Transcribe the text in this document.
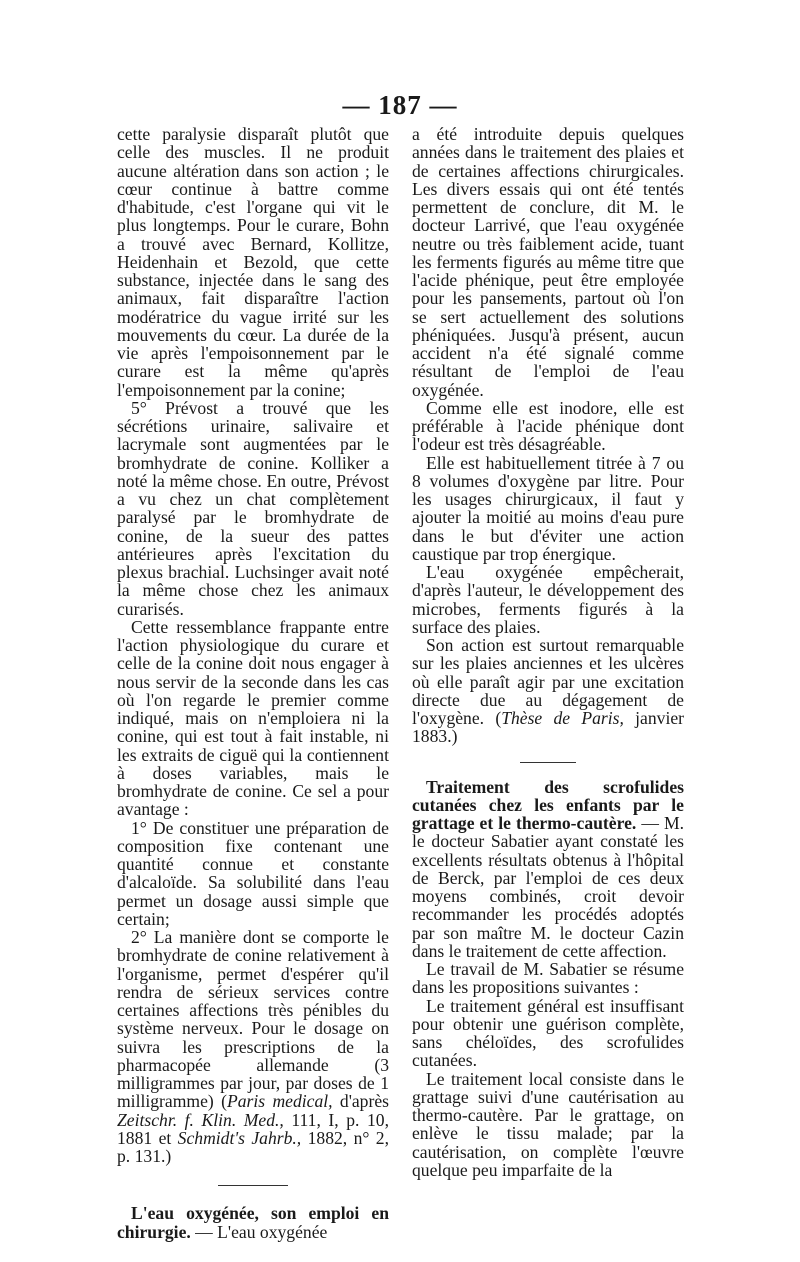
— 187 —

cette paralysie disparaît plutôt que celle des muscles. Il ne produit aucune altération dans son action ; le cœur continue à battre comme d'habitude, c'est l'organe qui vit le plus longtemps. Pour le curare, Bohn a trouvé avec Bernard, Kollitze, Heidenhain et Bezold, que cette substance, injectée dans le sang des animaux, fait disparaître l'action modératrice du vague irrité sur les mouvements du cœur. La durée de la vie après l'empoisonnement par le curare est la même qu'après l'empoisonnement par la conine;

5° Prévost a trouvé que les sécrétions urinaire, salivaire et lacrymale sont augmentées par le bromhydrate de conine. Kolliker a noté la même chose. En outre, Prévost a vu chez un chat complètement paralysé par le bromhydrate de conine, de la sueur des pattes antérieures après l'excitation du plexus brachial. Luchsinger avait noté la même chose chez les animaux curarisés.

Cette ressemblance frappante entre l'action physiologique du curare et celle de la conine doit nous engager à nous servir de la seconde dans les cas où l'on regarde le premier comme indiqué, mais on n'emploiera ni la conine, qui est tout à fait instable, ni les extraits de ciguë qui la contiennent à doses variables, mais le bromhydrate de conine. Ce sel a pour avantage :

1° De constituer une préparation de composition fixe contenant une quantité connue et constante d'alcaloïde. Sa solubilité dans l'eau permet un dosage aussi simple que certain;

2° La manière dont se comporte le bromhydrate de conine relativement à l'organisme, permet d'espérer qu'il rendra de sérieux services contre certaines affections très pénibles du système nerveux. Pour le dosage on suivra les prescriptions de la pharmacopée allemande (3 milligrammes par jour, par doses de 1 milligramme) (Paris medical, d'après Zeitschr. f. Klin. Med., 111, I, p. 10, 1881 et Schmidt's Jahrb., 1882, n° 2, p. 131.)

L'eau oxygénée, son emploi en chirurgie. — L'eau oxygénée

a été introduite depuis quelques années dans le traitement des plaies et de certaines affections chirurgicales. Les divers essais qui ont été tentés permettent de conclure, dit M. le docteur Larrivé, que l'eau oxygénée neutre ou très faiblement acide, tuant les ferments figurés au même titre que l'acide phénique, peut être employée pour les pansements, partout où l'on se sert actuellement des solutions phéniquées. Jusqu'à présent, aucun accident n'a été signalé comme résultant de l'emploi de l'eau oxygénée.

Comme elle est inodore, elle est préférable à l'acide phénique dont l'odeur est très désagréable.

Elle est habituellement titrée à 7 ou 8 volumes d'oxygène par litre. Pour les usages chirurgicaux, il faut y ajouter la moitié au moins d'eau pure dans le but d'éviter une action caustique par trop énergique.

L'eau oxygénée empêcherait, d'après l'auteur, le développement des microbes, ferments figurés à la surface des plaies.

Son action est surtout remarquable sur les plaies anciennes et les ulcères où elle paraît agir par une excitation directe due au dégagement de l'oxygène. (Thèse de Paris, janvier 1883.)

Traitement des scrofulides cutanées chez les enfants par le grattage et le thermo-cautère. — M. le docteur Sabatier ayant constaté les excellents résultats obtenus à l'hôpital de Berck, par l'emploi de ces deux moyens combinés, croit devoir recommander les procédés adoptés par son maître M. le docteur Cazin dans le traitement de cette affection.

Le travail de M. Sabatier se résume dans les propositions suivantes :

Le traitement général est insuffisant pour obtenir une guérison complète, sans chéloïdes, des scrofulides cutanées.

Le traitement local consiste dans le grattage suivi d'une cautérisation au thermo-cautère. Par le grattage, on enlève le tissu malade; par la cautérisation, on complète l'œuvre quelque peu imparfaite de la
